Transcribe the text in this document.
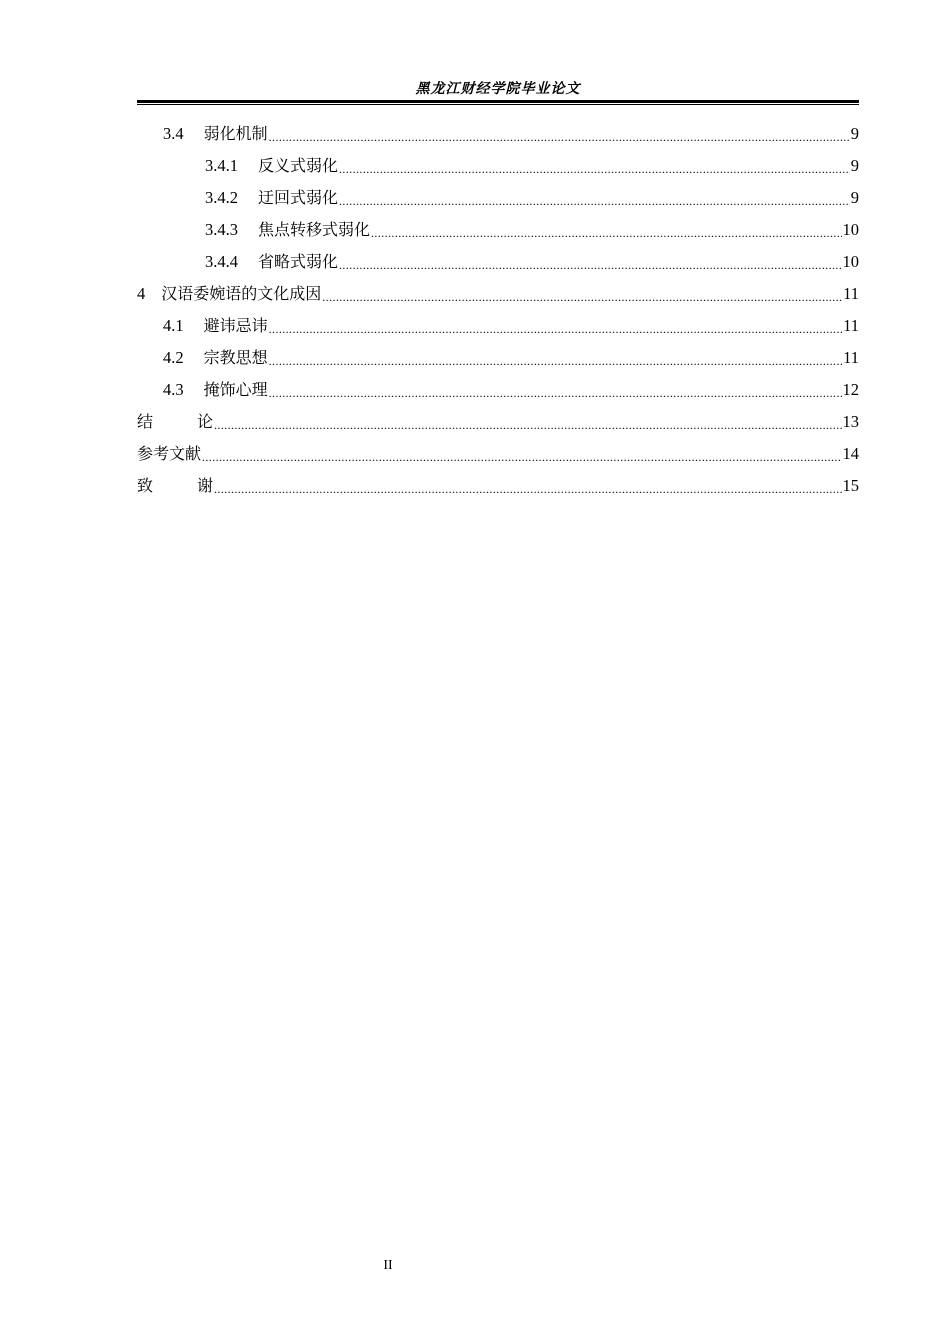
黑龙江财经学院毕业论文
3.4 弱化机制 .....	9
3.4.1 反义式弱化 .....	9
3.4.2 迂回式弱化 .....	9
3.4.3 焦点转移式弱化 .....	10
3.4.4 省略式弱化 .....	10
4 汉语委婉语的文化成因 .....	11
4.1 避讳忌讳 .....	11
4.2 宗教思想 .....	11
4.3 掩饰心理 .....	12
结 论 .....	13
参考文献 .....	14
致 谢 .....	15
II
